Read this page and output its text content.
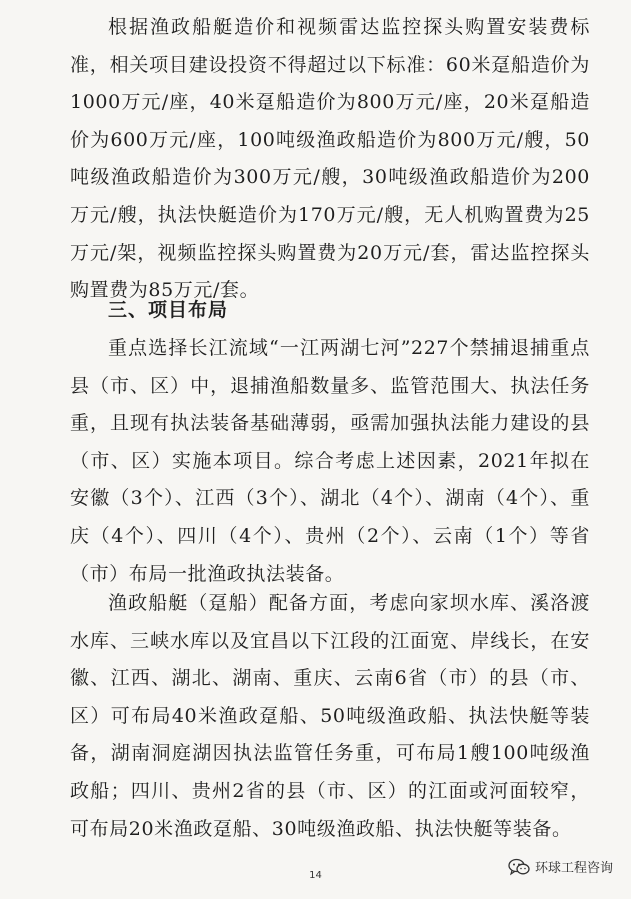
根据渔政船艇造价和视频雷达监控探头购置安装费标准，相关项目建设投资不得超过以下标准：60米趸船造价为1000万元/座，40米趸船造价为800万元/座，20米趸船造价为600万元/座，100吨级渔政船造价为800万元/艘，50吨级渔政船造价为300万元/艘，30吨级渔政船造价为200万元/艘，执法快艇造价为170万元/艘，无人机购置费为25万元/架，视频监控探头购置费为20万元/套，雷达监控探头购置费为85万元/套。

三、项目布局

重点选择长江流域“一江两湖七河”227个禁捕退捕重点县（市、区）中，退捕渔船数量多、监管范围大、执法任务重，且现有执法装备基础薄弱，亟需加强执法能力建设的县（市、区）实施本项目。综合考虑上述因素，2021年拟在安徽（3个）、江西（3个）、湖北（4个）、湖南（4个）、重庆（4个）、四川（4个）、贵州（2个）、云南（1个）等省（市）布局一批渔政执法装备。

渔政船艇（趸船）配备方面，考虑向家坝水库、溪洛渡水库、三峡水库以及宜昌以下江段的江面宽、岸线长，在安徽、江西、湖北、湖南、重庆、云南6省（市）的县（市、区）可布局40米渔政趸船、50吨级渔政船、执法快艇等装备，湖南洞庭湖因执法监管任务重，可布局1艘100吨级渔政船；四川、贵州2省的县（市、区）的江面或河面较窄，可布局20米渔政趸船、30吨级渔政船、执法快艇等装备。

环球工程咨询
14
